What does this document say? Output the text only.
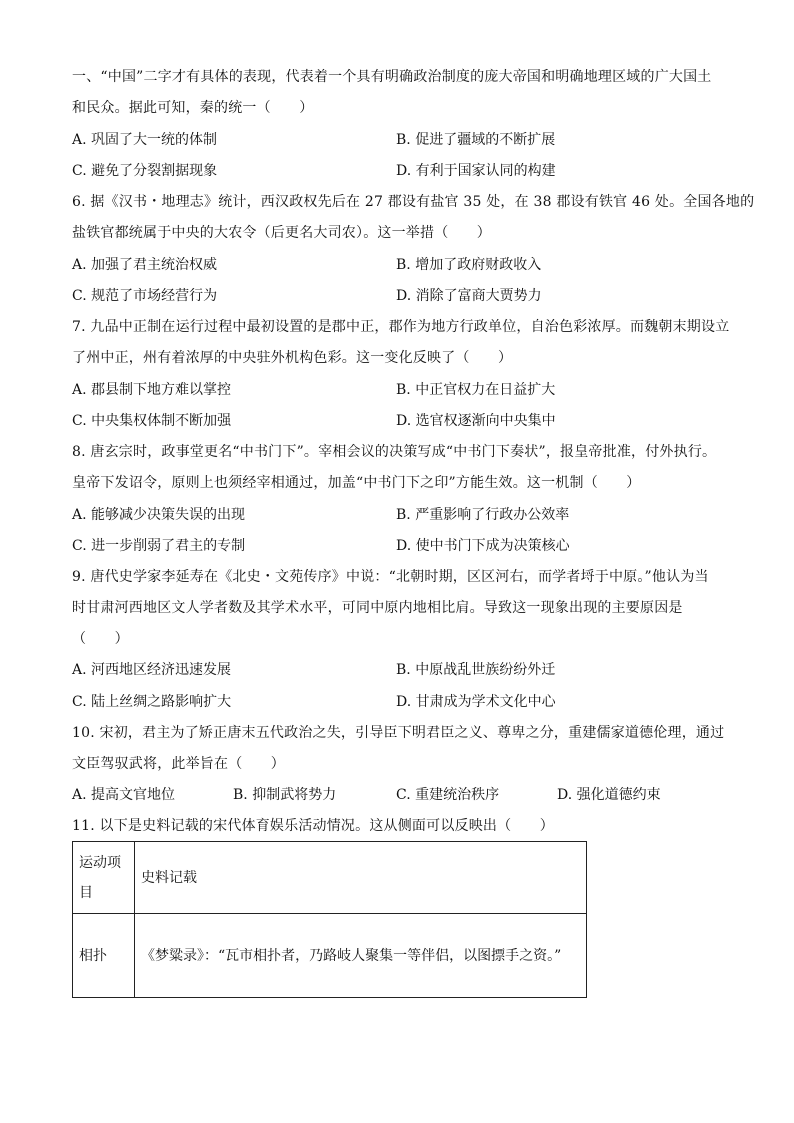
一、“中国”二字才有具体的表现，代表着一个具有明确政治制度的庞大帝国和明确地理区域的广大国土
和民众。据此可知，秦的统一（　　）
A. 巩固了大一统的体制	B. 促进了疆域的不断扩展
C. 避免了分裂割据现象	D. 有利于国家认同的构建
6. 据《汉书・地理志》统计，西汉政权先后在 27 郡设有盐官 35 处，在 38 郡设有铁官 46 处。全国各地的
盐铁官都统属于中央的大农令（后更名大司农）。这一举措（　　）
A. 加强了君主统治权威	B. 增加了政府财政收入
C. 规范了市场经营行为	D. 消除了富商大贾势力
7. 九品中正制在运行过程中最初设置的是郡中正，郡作为地方行政单位，自治色彩浓厚。而魏朝末期设立
了州中正，州有着浓厚的中央驻外机构色彩。这一变化反映了（　　）
A. 郡县制下地方难以掌控	B. 中正官权力在日益扩大
C. 中央集权体制不断加强	D. 选官权逐渐向中央集中
8. 唐玄宗时，政事堂更名“中书门下”。宰相会议的决策写成“中书门下奏状”，报皇帝批准，付外执行。
皇帝下发诏令，原则上也须经宰相通过，加盖“中书门下之印”方能生效。这一机制（　　）
A. 能够减少决策失误的出现	B. 严重影响了行政办公效率
C. 进一步削弱了君主的专制	D. 使中书门下成为决策核心
9. 唐代史学家李延寿在《北史・文苑传序》中说：“北朝时期，区区河右，而学者埒于中原。”他认为当
时甘肃河西地区文人学者数及其学术水平，可同中原内地相比肩。导致这一现象出现的主要原因是
（　　）
A. 河西地区经济迅速发展	B. 中原战乱世族纷纷外迁
C. 陆上丝绸之路影响扩大	D. 甘肃成为学术文化中心
10. 宋初，君主为了矫正唐末五代政治之失，引导臣下明君臣之义、尊卑之分，重建儒家道德伦理，通过
文臣驾驭武将，此举旨在（　　）
A. 提高文官地位	B. 抑制武将势力	C. 重建统治秩序	D. 强化道德约束
11. 以下是史料记载的宋代体育娱乐活动情况。这从侧面可以反映出（　　）
运动项目	史料记载
相扑	《梦粱录》：“瓦市相扑者，乃路岐人聚集一等伴侣，以图摽手之资。”
